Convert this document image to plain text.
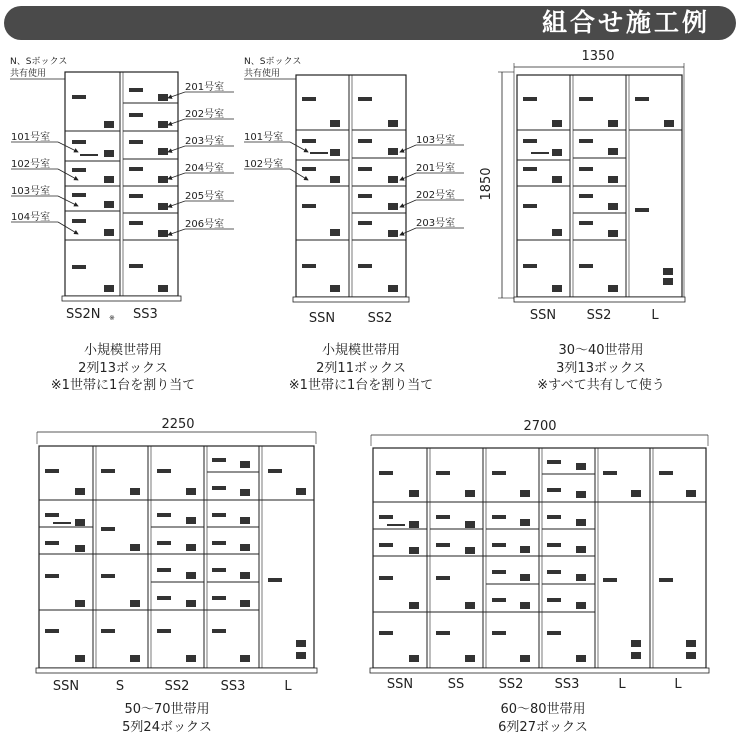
組合せ施工例
N、Sボックス
共有使用
201号室
202号室
203号室
204号室
205号室
206号室
101号室
102号室
103号室
104号室
SS2N ※ SS3
小規模世帯用
2列13ボックス
※1世帯に1台を割り当て
N、Sボックス
共有使用
101号室
102号室
103号室
201号室
202号室
203号室
SSN SS2
小規模世帯用
2列11ボックス
※1世帯に1台を割り当て
1350
1850
SSN SS2	L
30～40世帯用
3列13ボックス
※すべて共有して使う
2250
SSN	S	SS2 SS3	L
50～70世帯用
5列24ボックス
2700
SSN	SS	SS2 SS3	L	L
60～80世帯用
6列27ボックス
